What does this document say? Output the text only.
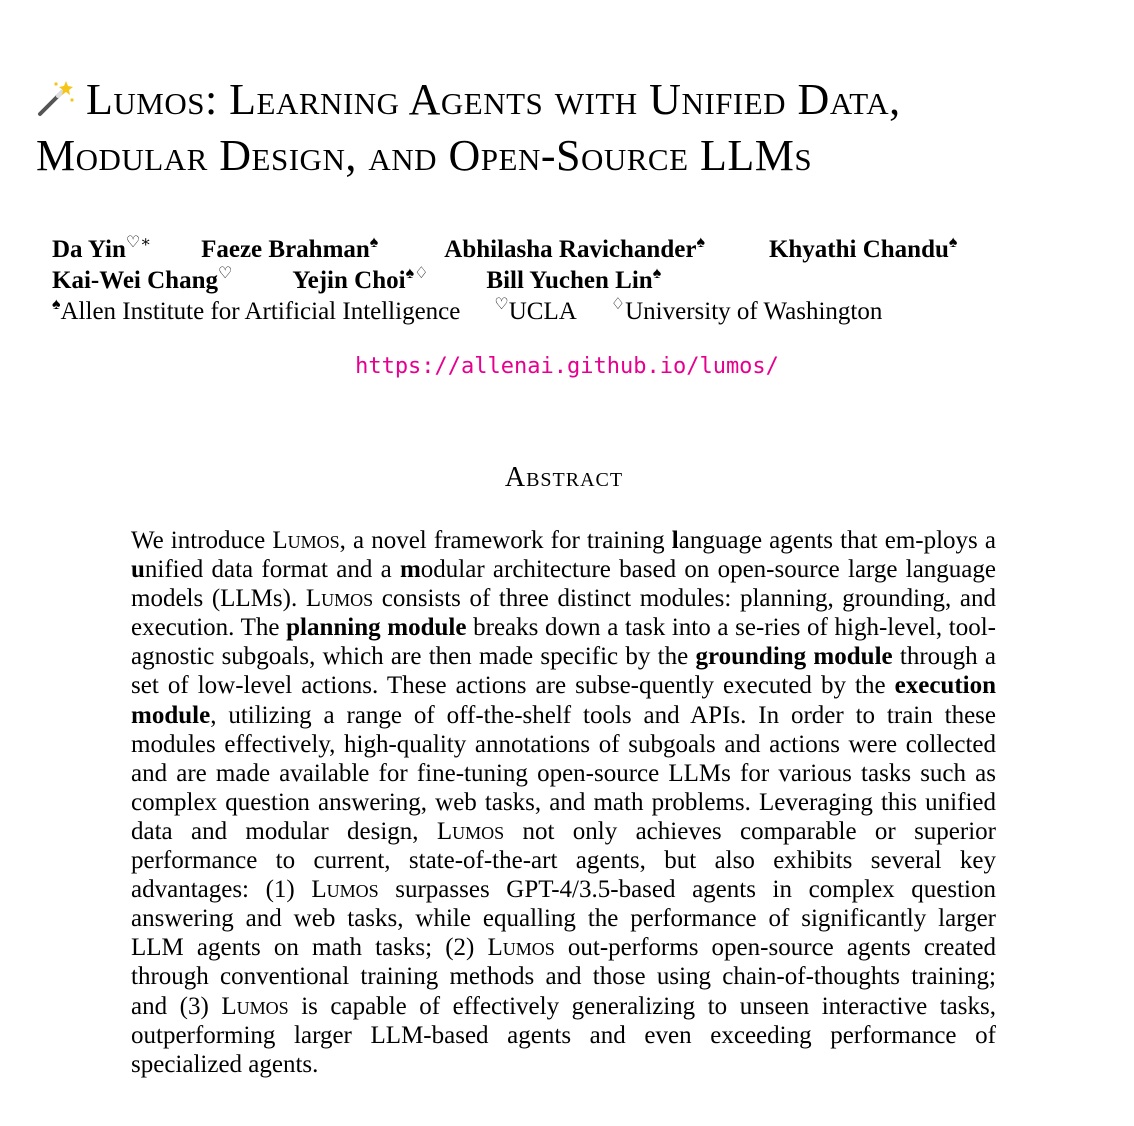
Lumos: Learning Agents with Unified Data,
Modular Design, and Open-Source LLMs
Da Yin♡∗ Faeze Brahman♠	Abhilasha Ravichander♠	Khyathi Chandu♠
Kai-Wei Chang♡ Yejin Choi♠♢ Bill Yuchen Lin♠
♠Allen Institute for Artificial Intelligence ♡UCLA ♢University of Washington
https://allenai.github.io/lumos/
Abstract
We introduce Lumos, a novel framework for training language agents that em-ploys a unified data format and a modular architecture based on open-source large language models (LLMs). Lumos consists of three distinct modules: planning, grounding, and execution. The planning module breaks down a task into a se-ries of high-level, tool-agnostic subgoals, which are then made specific by the grounding module through a set of low-level actions. These actions are subse-quently executed by the execution module, utilizing a range of off-the-shelf tools and APIs. In order to train these modules effectively, high-quality annotations of subgoals and actions were collected and are made available for fine-tuning open-source LLMs for various tasks such as complex question answering, web tasks, and math problems. Leveraging this unified data and modular design, Lumos not only achieves comparable or superior performance to current, state-of-the-art agents, but also exhibits several key advantages: (1) Lumos surpasses GPT-4/3.5-based agents in complex question answering and web tasks, while equalling the performance of significantly larger LLM agents on math tasks; (2) Lumos out-performs open-source agents created through conventional training methods and those using chain-of-thoughts training; and (3) Lumos is capable of effectively generalizing to unseen interactive tasks, outperforming larger LLM-based agents and even exceeding performance of specialized agents.
